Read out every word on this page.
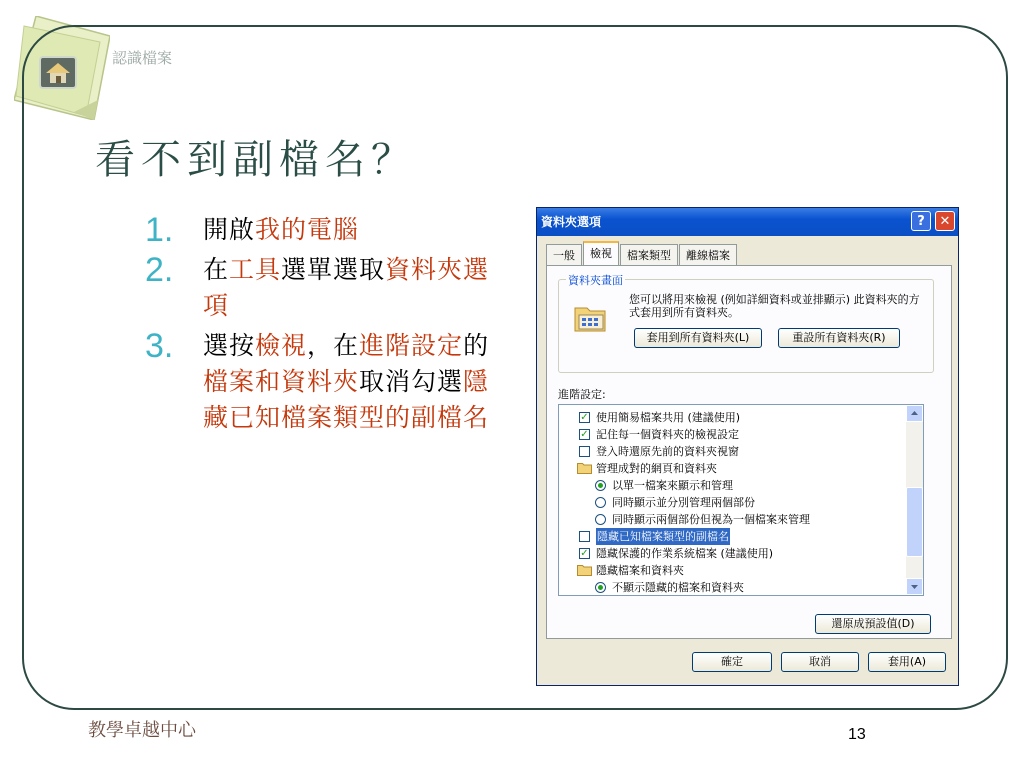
認識檔案
看不到副檔名？
1.	開啟我的電腦
2.	在工具選單選取資料夾選項
3.	選按檢視，在進階設定的檔案和資料夾取消勾選隱藏已知檔案類型的副檔名
教學卓越中心	13
資料夾選項	?	✕
一般	檢視	檔案類型	離線檔案
資料夾畫面
您可以將用來檢視 (例如詳細資料或並排顯示) 此資料夾的方式套用到所有資料夾。
套用到所有資料夾(L)	重設所有資料夾(R)
進階設定:
不顯示隱藏的檔案和資料夾
隱藏檔案和資料夾
✓ 隱藏保護的作業系統檔案 (建議使用)
隱藏已知檔案類型的副檔名
同時顯示兩個部份但視為一個檔案來管理
同時顯示並分別管理兩個部份
以單一檔案來顯示和管理
管理成對的網頁和資料夾
登入時還原先前的資料夾視窗
✓ 記住每一個資料夾的檢視設定
✓ 使用簡易檔案共用 (建議使用)
還原成預設值(D)
確定	取消	套用(A)
